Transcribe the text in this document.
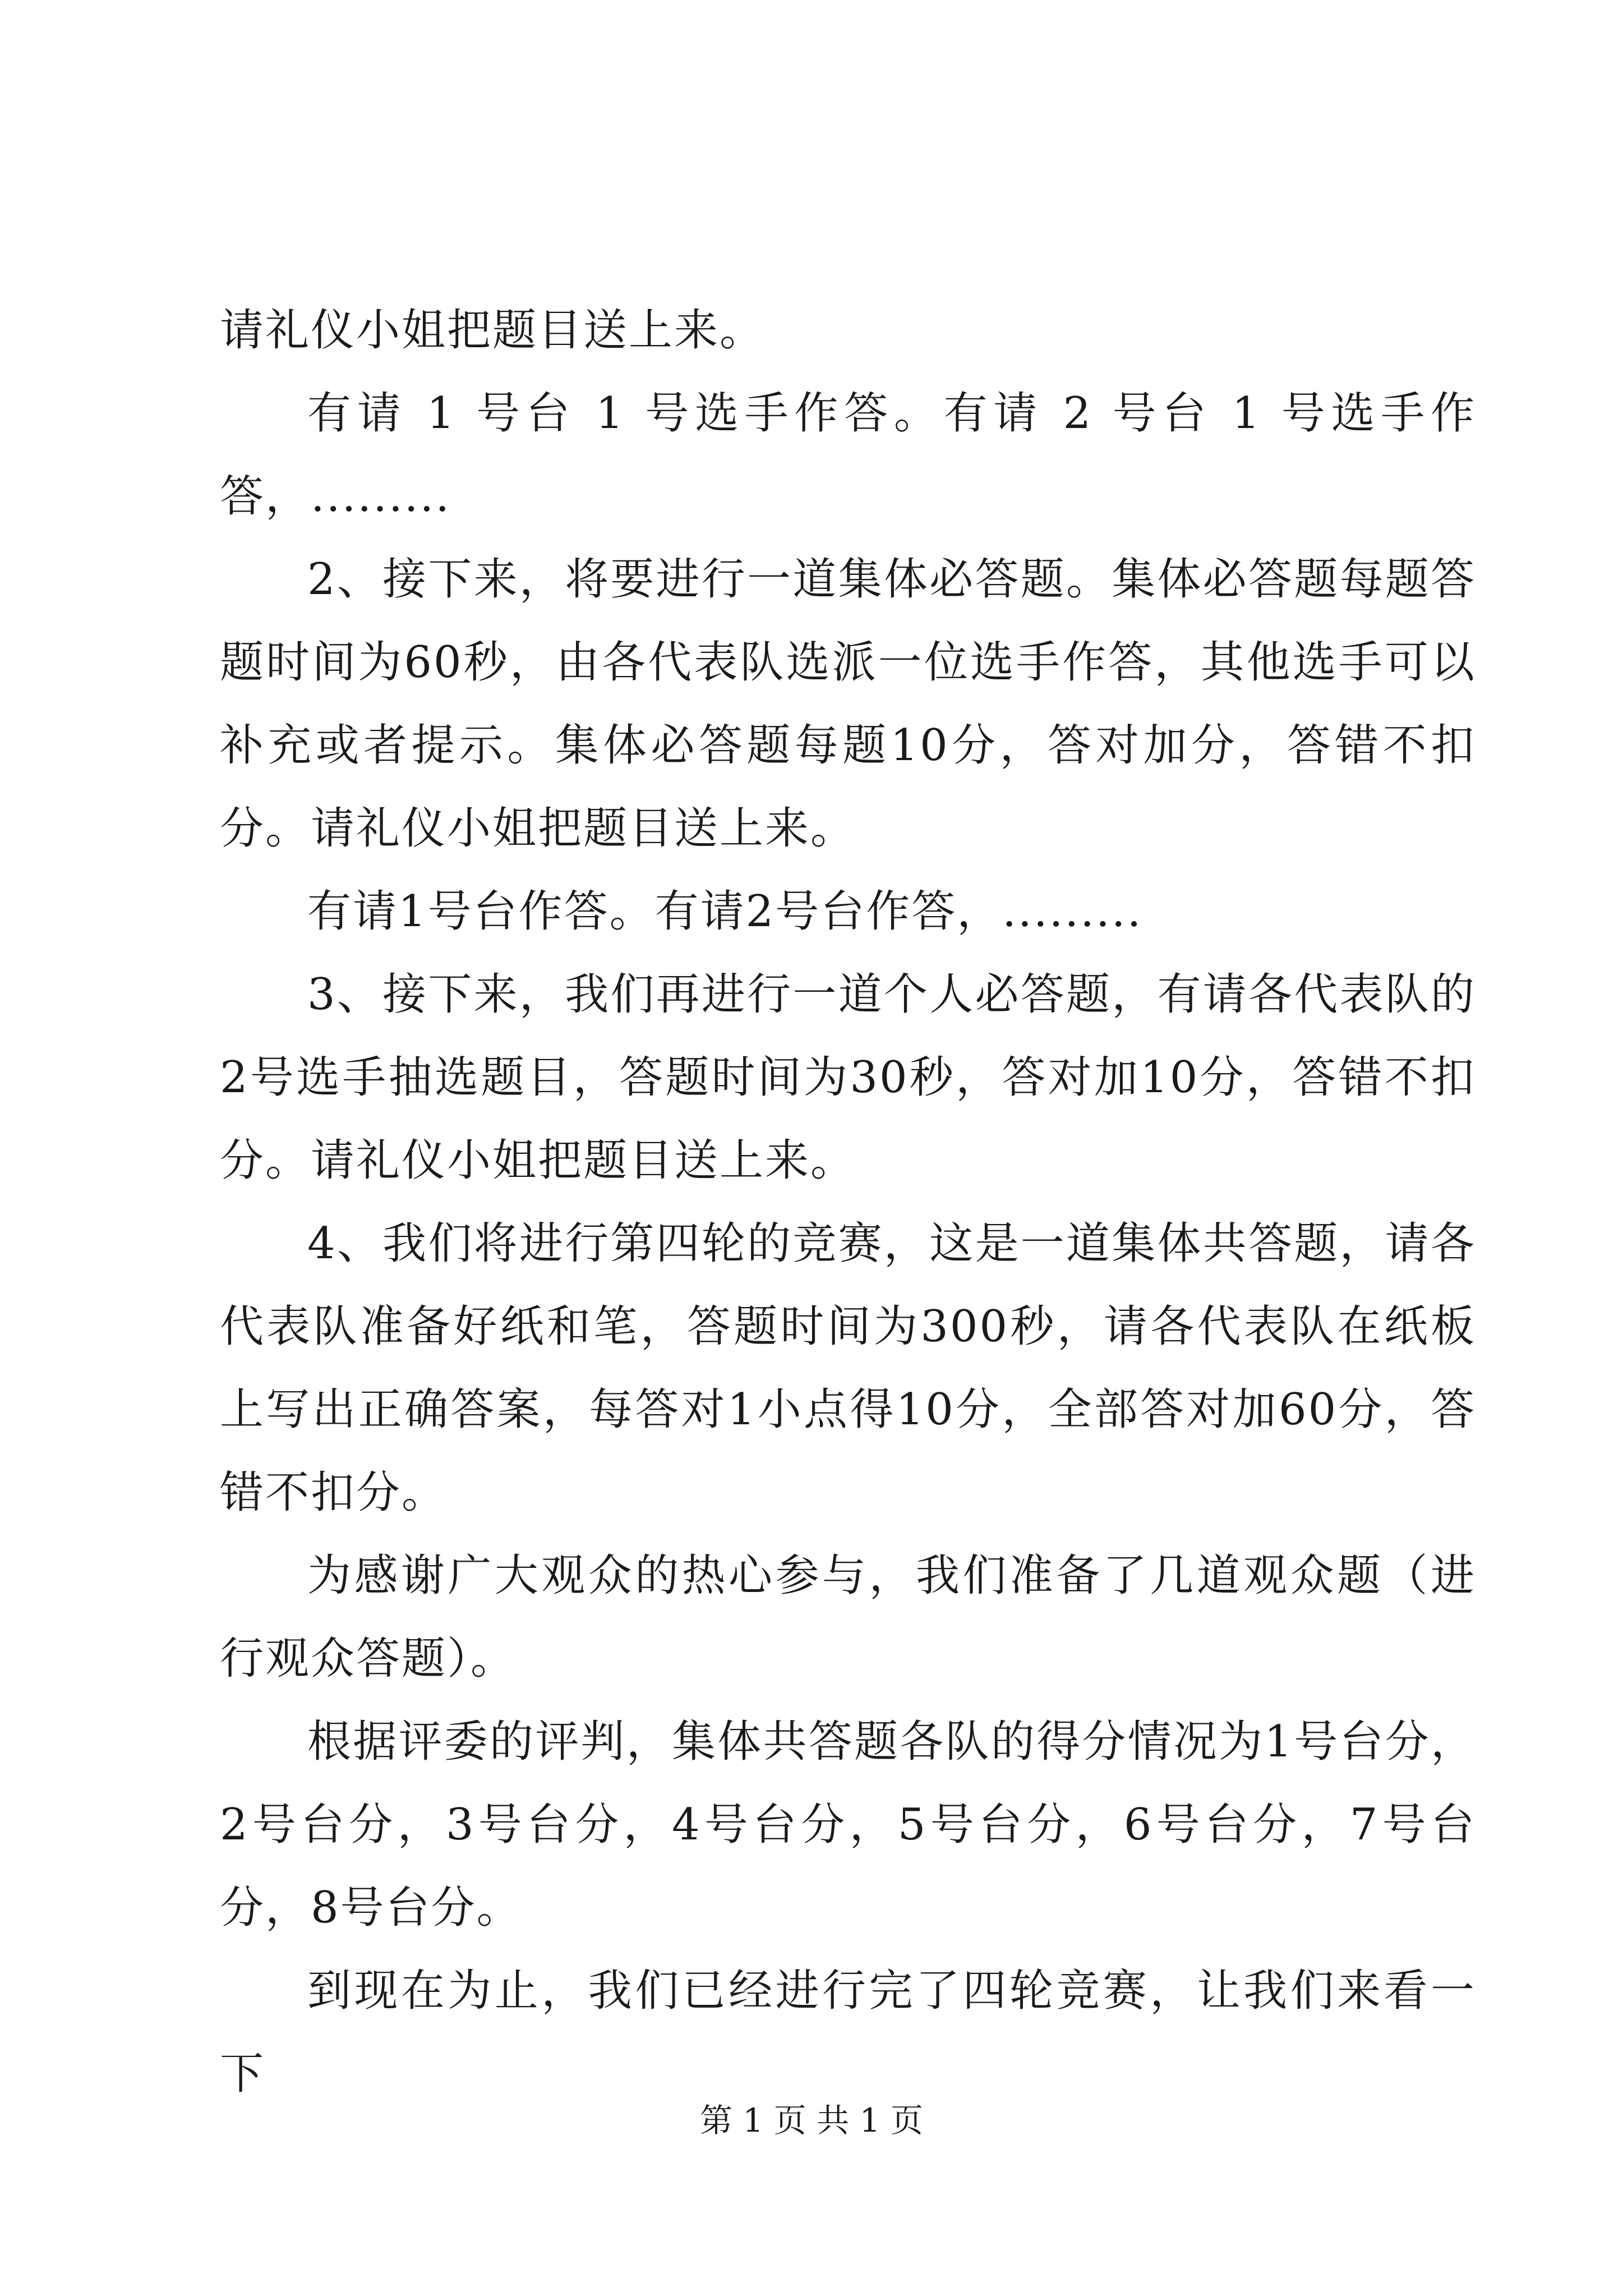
请礼仪小姐把题目送上来。

有请 1 号台 1 号选手作答。有请 2 号台 1 号选手作答，.........

2、接下来，将要进行一道集体必答题。集体必答题每题答题时间为60秒，由各代表队选派一位选手作答，其他选手可以补充或者提示。集体必答题每题10分，答对加分，答错不扣分。请礼仪小姐把题目送上来。

有请1号台作答。有请2号台作答，.........

3、接下来，我们再进行一道个人必答题，有请各代表队的2号选手抽选题目，答题时间为30秒，答对加10分，答错不扣分。请礼仪小姐把题目送上来。

4、我们将进行第四轮的竞赛，这是一道集体共答题，请各代表队准备好纸和笔，答题时间为300秒，请各代表队在纸板上写出正确答案，每答对1小点得10分，全部答对加60分，答错不扣分。

为感谢广大观众的热心参与，我们准备了几道观众题（进行观众答题）。

根据评委的评判，集体共答题各队的得分情况为1号台分，2号台分，3号台分，4号台分，5号台分，6号台分，7号台分，8号台分。

到现在为止，我们已经进行完了四轮竞赛，让我们来看一下

第 1 页 共 1 页
